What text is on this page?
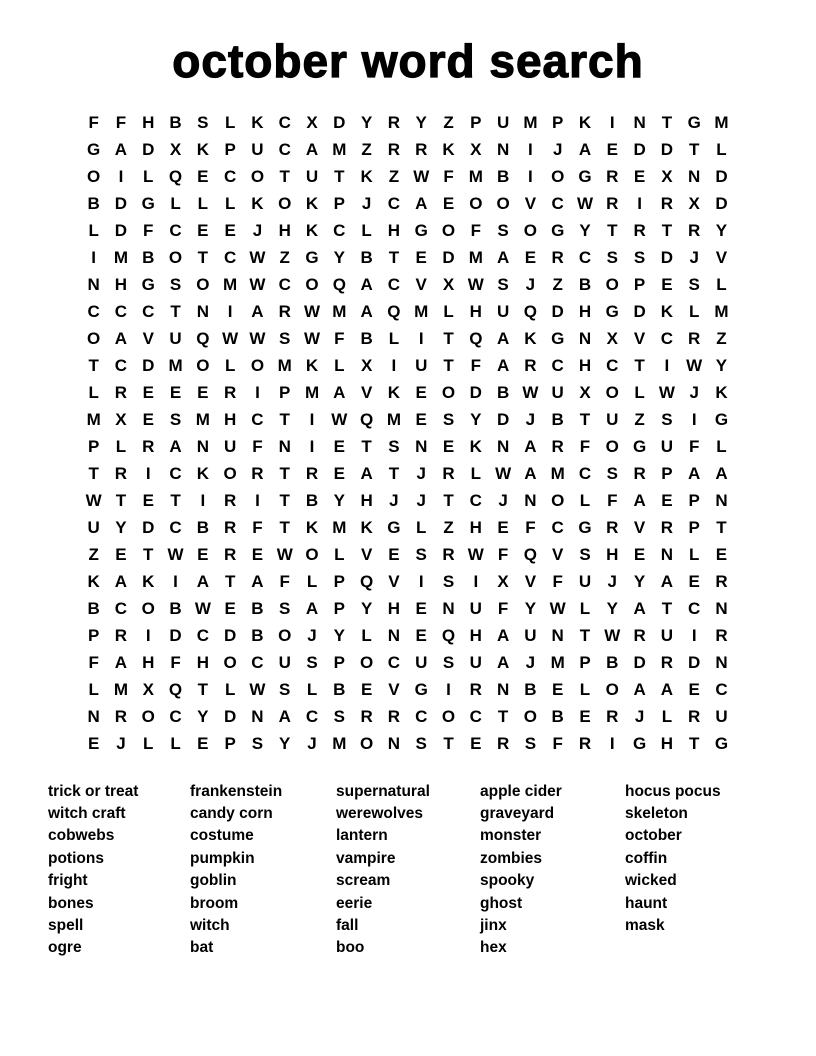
october word search
F F H B S L K C X D Y R Y Z P U M P K I N T G M
G A D X K P U C A M Z R R K X N I J A E D D T L
O I L Q E C O T U T K Z W F M B I O G R E X N D
B D G L L L K O K P J C A E O O V C W R I R X D
L D F C E E J H K C L H G O F S O G Y T R T R Y
I M B O T C W Z G Y B T E D M A E R C S S D J V
N H G S O M W C O Q A C V X W S J Z B O P E S L
C C C T N I A R W M A Q M L H U Q D H G D K L M
O A V U Q W W S W F B L I T Q A K G N X V C R Z
T C D M O L O M K L X I U T F A R C H C T I W Y
L R E E E R I P M A V K E O D B W U X O L W J K
M X E S M H C T I W Q M E S Y D J B T U Z S I G
P L R A N U F N I E T S N E K N A R F O G U F L
T R I C K O R T R E A T J R L W A M C S R P A A
W T E T I R I T B Y H J J T C J N O L F A E P N
U Y D C B R F T K M K G L Z H E F C G R V R P T
Z E T W E R E W O L V E S R W F Q V S H E N L E
K A K I A T A F L P Q V I S I X V F U J Y A E R
B C O B W E B S A P Y H E N U F Y W L Y A T C N
P R I D C D B O J Y L N E Q H A U N T W R U I R
F A H F H O C U S P O C U S U A J M P B D R D N
L M X Q T L W S L B E V G I R N B E L O A A E C
N R O C Y D N A C S R R C O C T O B E R J L R U
E J L L E P S Y J M O N S T E R S F R I G H T G
trick or treat
witch craft
cobwebs
potions
fright
bones
spell
ogre
frankenstein
candy corn
costume
pumpkin
goblin
broom
witch
bat
supernatural
werewolves
lantern
vampire
scream
eerie
fall
boo
apple cider
graveyard
monster
zombies
spooky
ghost
jinx
hex
hocus pocus
skeleton
october
coffin
wicked
haunt
mask
